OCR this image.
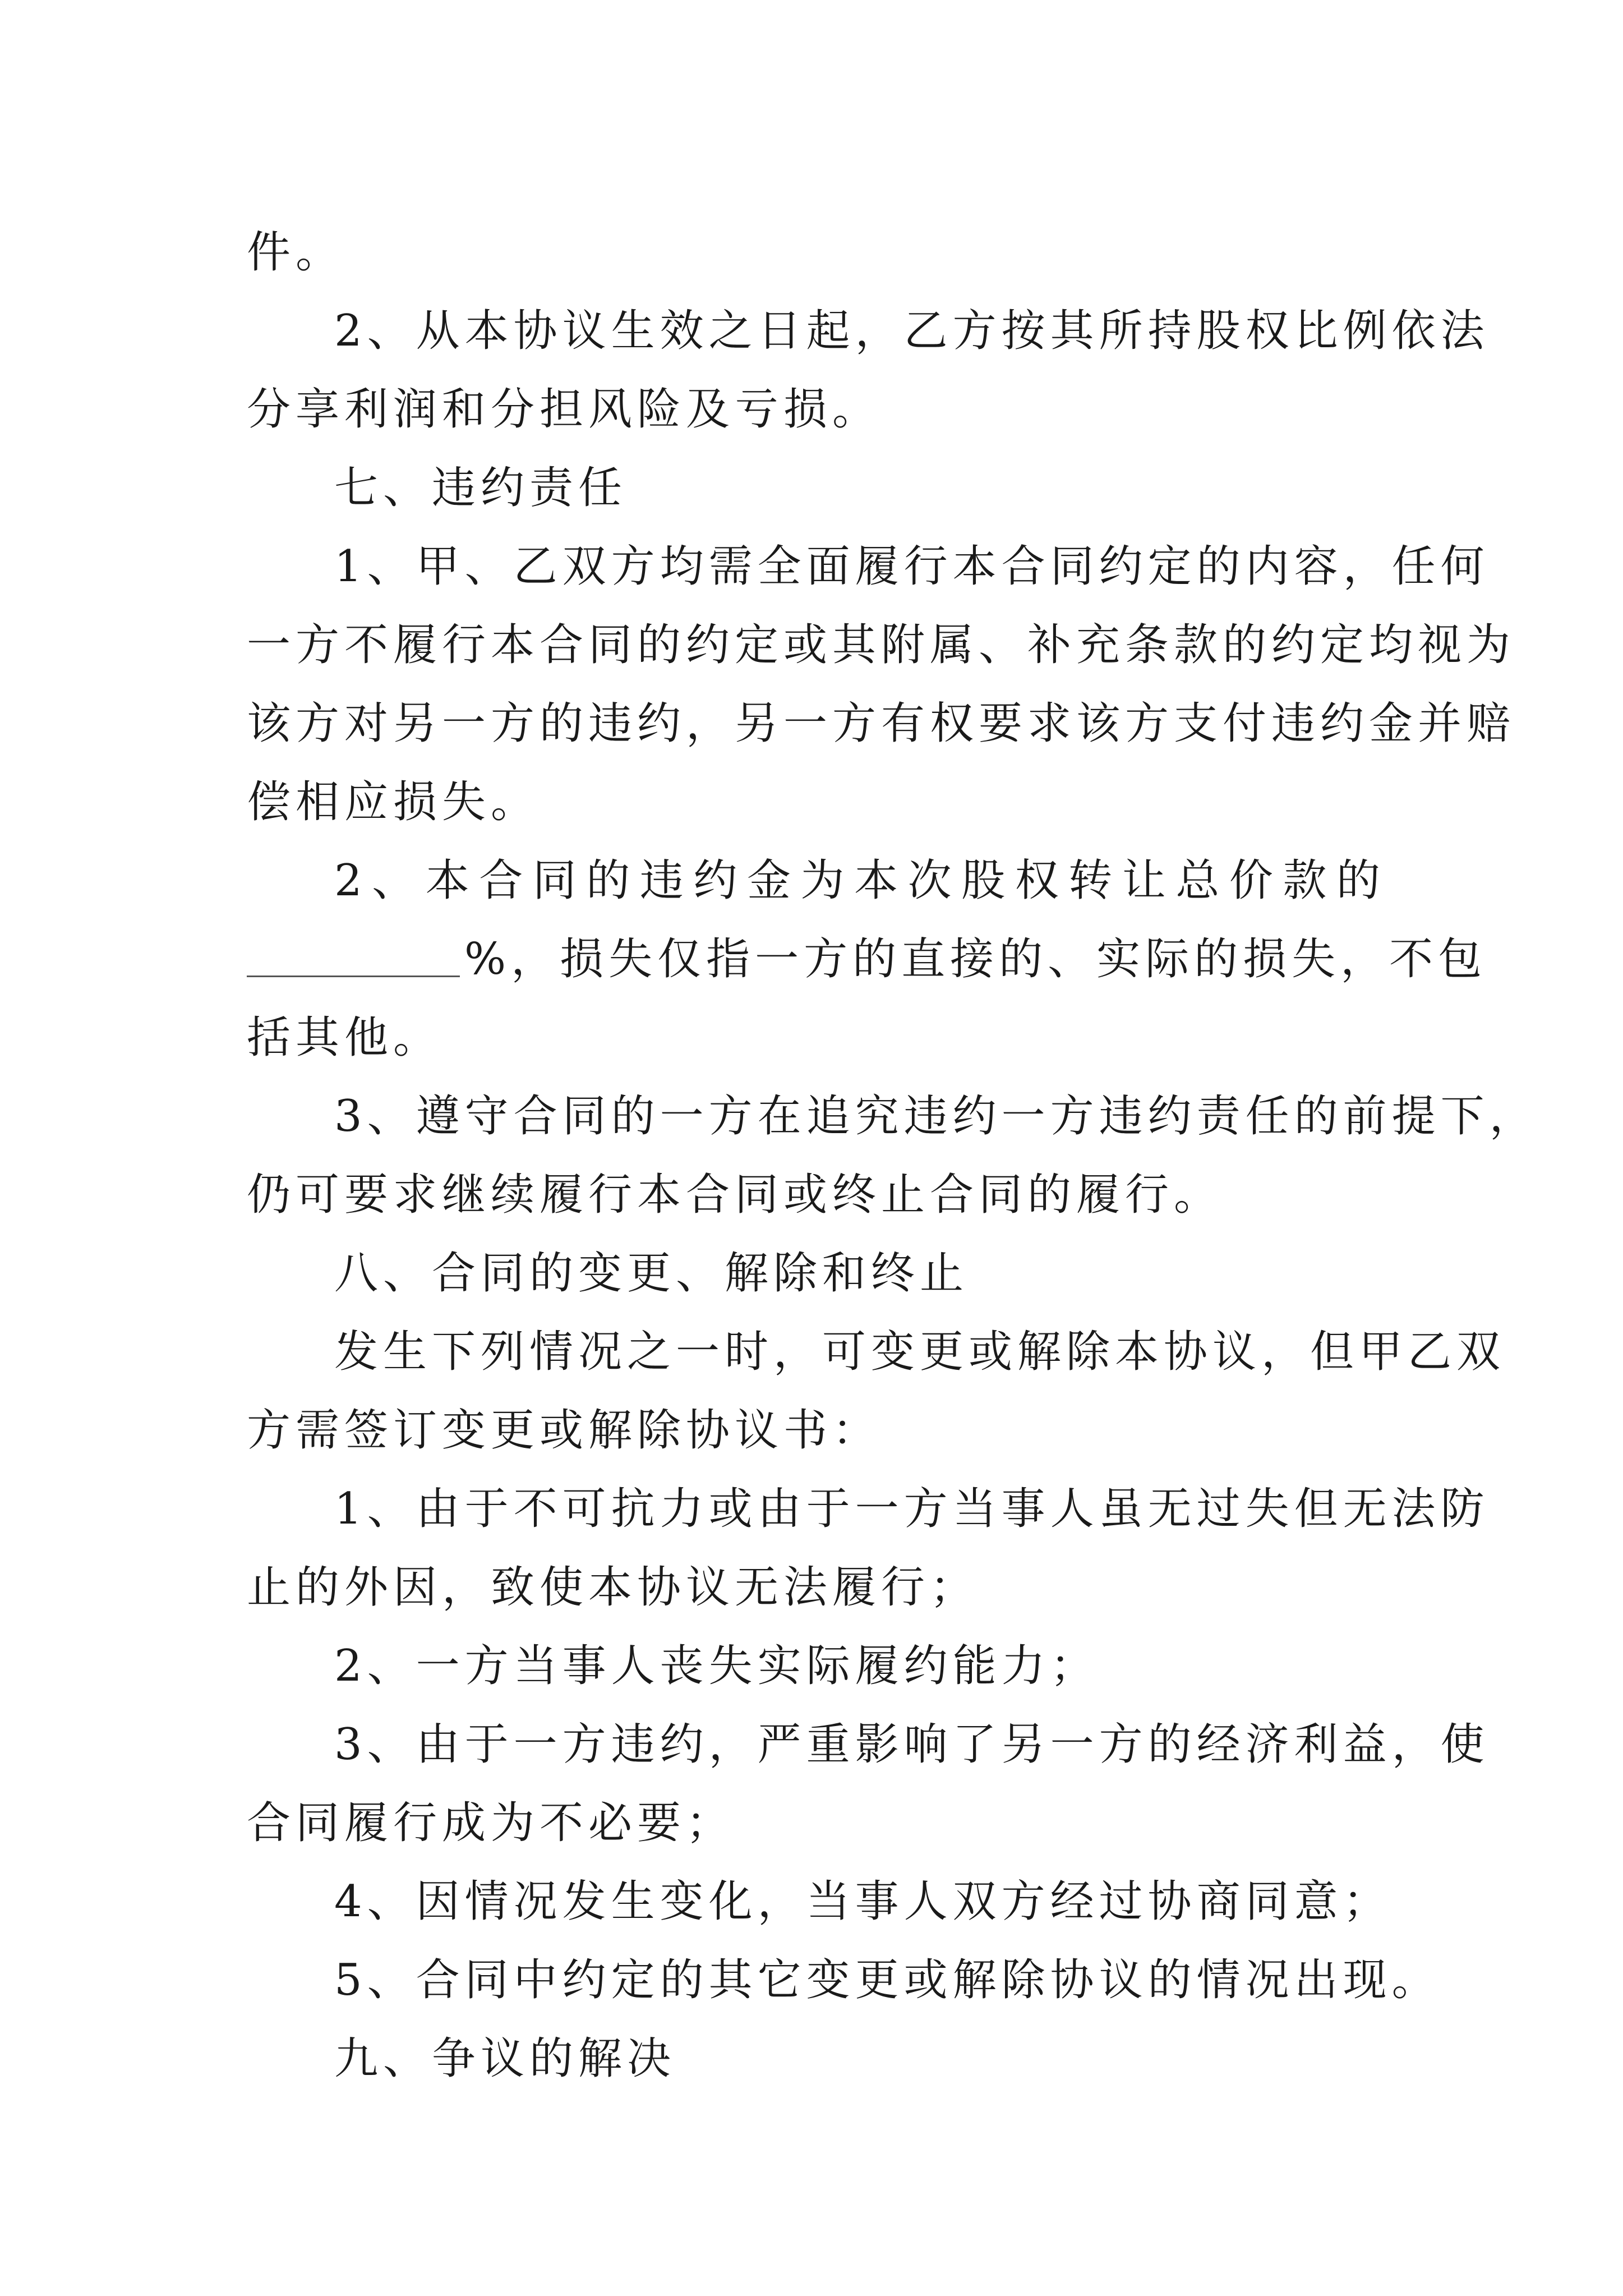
件。
2、从本协议生效之日起，乙方按其所持股权比例依法
分享利润和分担风险及亏损。
七、违约责任
1、甲、乙双方均需全面履行本合同约定的内容，任何
一方不履行本合同的约定或其附属、补充条款的约定均视为
该方对另一方的违约，另一方有权要求该方支付违约金并赔
偿相应损失。
2、本合同的违约金为本次股权转让总价款的
%，损失仅指一方的直接的、实际的损失，不包
括其他。
3、遵守合同的一方在追究违约一方违约责任的前提下，
仍可要求继续履行本合同或终止合同的履行。
八、合同的变更、解除和终止
发生下列情况之一时，可变更或解除本协议，但甲乙双
方需签订变更或解除协议书：
1、由于不可抗力或由于一方当事人虽无过失但无法防
止的外因，致使本协议无法履行；
2、一方当事人丧失实际履约能力；
3、由于一方违约，严重影响了另一方的经济利益，使
合同履行成为不必要；
4、因情况发生变化，当事人双方经过协商同意；
5、合同中约定的其它变更或解除协议的情况出现。
九、争议的解决
